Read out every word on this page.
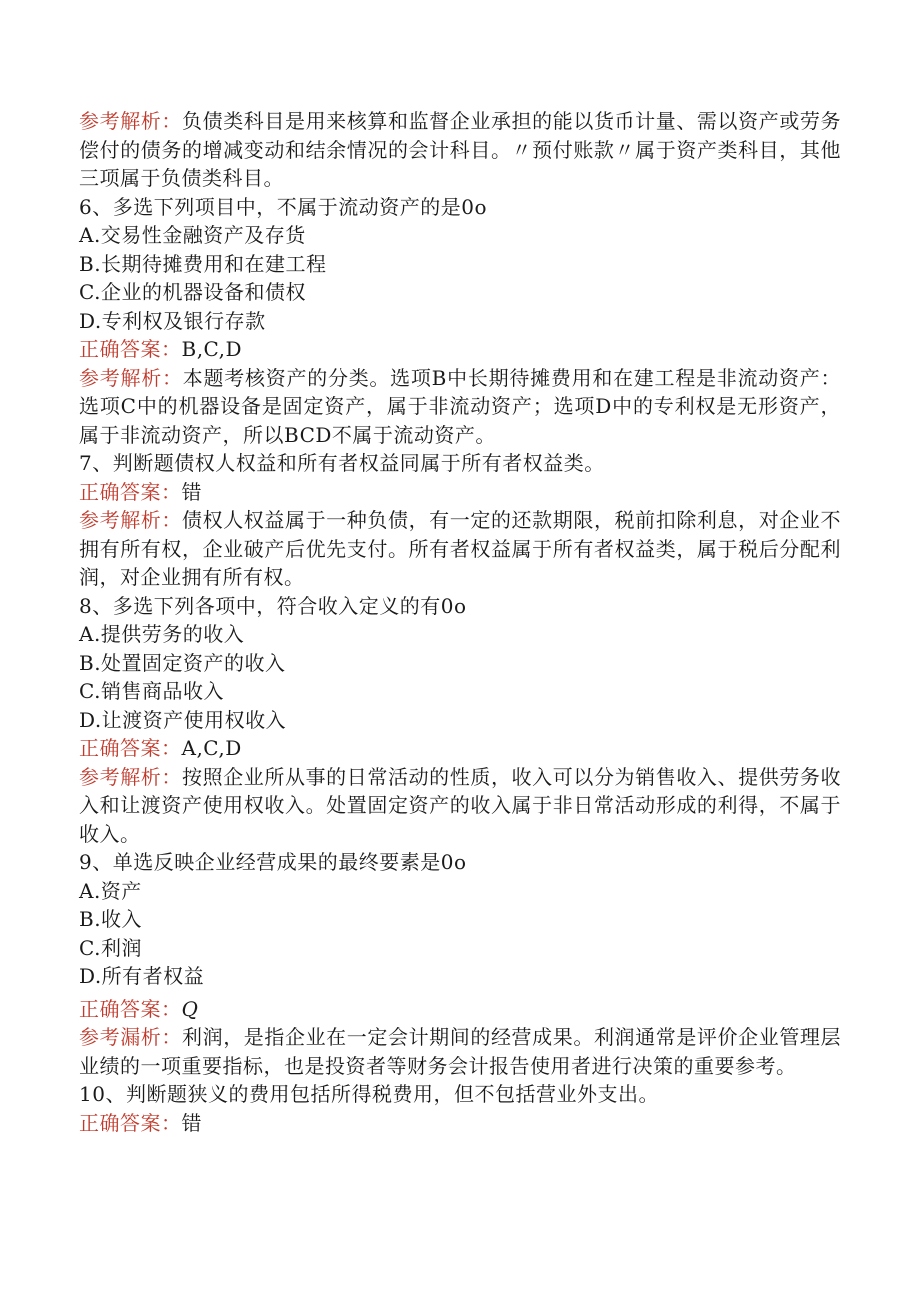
参考解析：负债类科目是用来核算和监督企业承担的能以货币计量、需以资产或劳务偿付的债务的增减变动和结余情况的会计科目。〃预付账款〃属于资产类科目，其他三项属于负债类科目。

6、多选下列项目中，不属于流动资产的是0o

A.交易性金融资产及存货

B.长期待摊费用和在建工程

C.企业的机器设备和债权

D.专利权及银行存款

正确答案：B,C,D

参考解析：本题考核资产的分类。选项B中长期待摊费用和在建工程是非流动资产：选项C中的机器设备是固定资产，属于非流动资产；选项D中的专利权是无形资产，属于非流动资产，所以BCD不属于流动资产。

7、判断题债权人权益和所有者权益同属于所有者权益类。

正确答案：错

参考解析：债权人权益属于一种负债，有一定的还款期限，税前扣除利息，对企业不拥有所有权，企业破产后优先支付。所有者权益属于所有者权益类，属于税后分配利润，对企业拥有所有权。

8、多选下列各项中，符合收入定义的有0o

A.提供劳务的收入

B.处置固定资产的收入

C.销售商品收入

D.让渡资产使用权收入

正确答案：A,C,D

参考解析：按照企业所从事的日常活动的性质，收入可以分为销售收入、提供劳务收入和让渡资产使用权收入。处置固定资产的收入属于非日常活动形成的利得，不属于收入。

9、单选反映企业经营成果的最终要素是0o

A.资产

B.收入

C.利润

D.所有者权益

正确答案：Q

参考漏析：利润，是指企业在一定会计期间的经营成果。利润通常是评价企业管理层业绩的一项重要指标，也是投资者等财务会计报告使用者进行决策的重要参考。

10、判断题狭义的费用包括所得税费用，但不包括营业外支出。

正确答案：错
